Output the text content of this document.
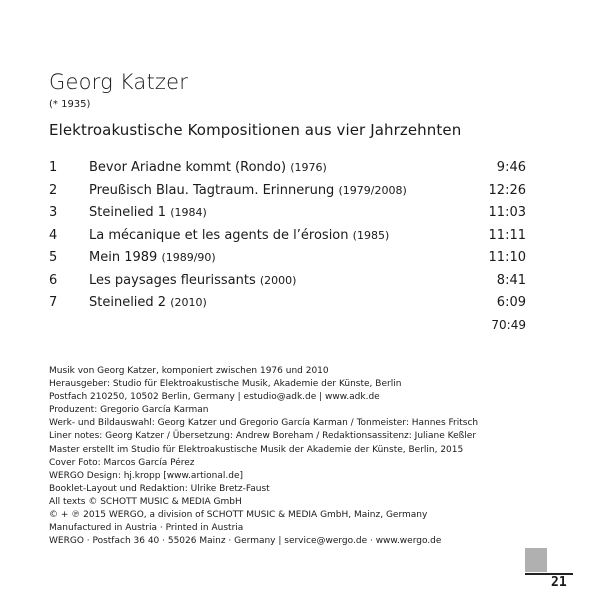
Georg Katzer
(* 1935)
Elektroakustische Kompositionen aus vier Jahrzehnten
1 Bevor Ariadne kommt (Rondo) (1976)	9:46
2 Preußisch Blau. Tagtraum. Erinnerung (1979/2008)	12:26
3 Steinelied 1 (1984)	11:03
4 La mécanique et les agents de l’érosion (1985)	11:11
5 Mein 1989 (1989/90)	11:10
6 Les paysages fleurissants (2000)	8:41
7 Steinelied 2 (2010)	6:09
70:49
Musik von Georg Katzer, komponiert zwischen 1976 und 2010
Herausgeber: Studio für Elektroakustische Musik, Akademie der Künste, Berlin
Postfach 210250, 10502 Berlin, Germany | estudio@adk.de | www.adk.de
Produzent: Gregorio García Karman
Werk- und Bildauswahl: Georg Katzer und Gregorio García Karman / Tonmeister: Hannes Fritsch
Liner notes: Georg Katzer / Übersetzung: Andrew Boreham / Redaktionsassitenz: Juliane Keßler
Master erstellt im Studio für Elektroakustische Musik der Akademie der Künste, Berlin, 2015
Cover Foto: Marcos García Pérez
WERGO Design: hj.kropp [www.artional.de]
Booklet-Layout und Redaktion: Ulrike Bretz-Faust
All texts © SCHOTT MUSIC & MEDIA GmbH
© + ℗ 2015 WERGO, a division of SCHOTT MUSIC & MEDIA GmbH, Mainz, Germany
Manufactured in Austria · Printed in Austria
WERGO · Postfach 36 40 · 55026 Mainz · Germany | service@wergo.de · www.wergo.de
21
